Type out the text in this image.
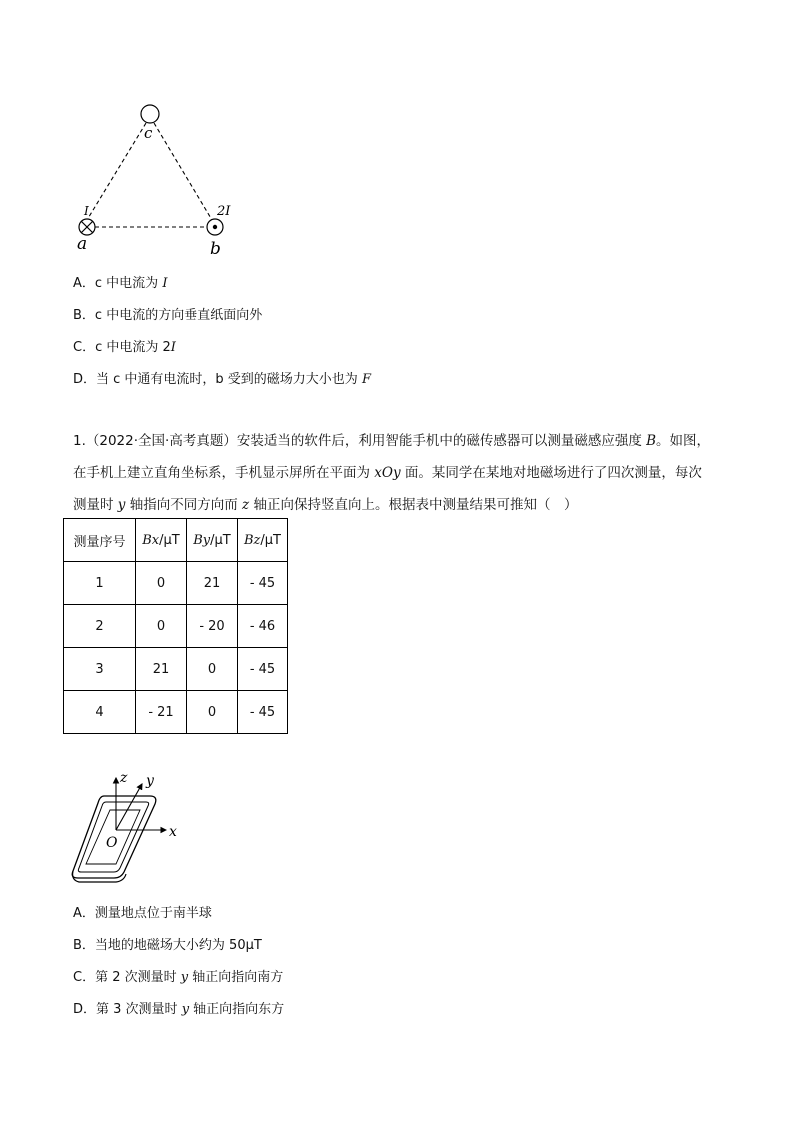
c
a	b
I	2I
A．c 中电流为 I
B．c 中电流的方向垂直纸面向外
C．c 中电流为 2I
D．当 c 中通有电流时，b 受到的磁场力大小也为 F
1.（2022·全国·高考真题）安装适当的软件后，利用智能手机中的磁传感器可以测量磁感应强度 B。如图，
在手机上建立直角坐标系，手机显示屏所在平面为 xOy 面。某同学在某地对地磁场进行了四次测量，每次
测量时 y 轴指向不同方向而 z 轴正向保持竖直向上。根据表中测量结果可推知（　）
测量序号	Bx/μT	By/μT	Bz/μT
1	0	21	- 45
2	0	- 20	- 46
3	21	0	- 45
4	- 21	0	- 45
z y
x
O
A．测量地点位于南半球
B．当地的地磁场大小约为 50μT
C．第 2 次测量时 y 轴正向指向南方
D．第 3 次测量时 y 轴正向指向东方
